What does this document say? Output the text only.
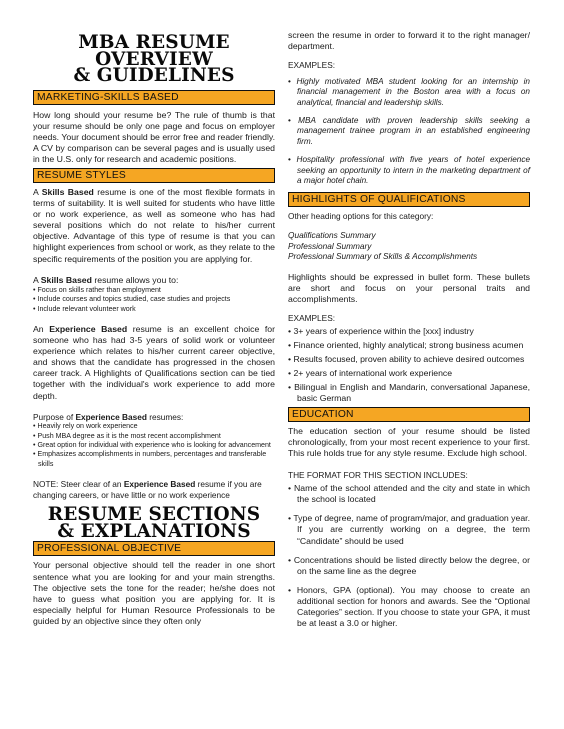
MBA RESUME OVERVIEW
& GUIDELINES
MARKETING-SKILLS BASED

How long should your resume be? The rule of thumb is that your resume should be only one page and focus on employer needs. Your document should be error free and reader friendly. A CV by comparison can be several pages and is usually used in the U.S. only for research and academic positions.

RESUME STYLES

A Skills Based resume is one of the most flexible formats in terms of suitability. It is well suited for students who have little or no work experience, as well as someone who has had several positions which do not relate to his/her current objective. Advantage of this type of resume is that you can highlight experiences from school or work, as they relate to the specific requirements of the position you are applying for.

A Skills Based resume allows you to:

• Focus on skills rather than employment
• Include courses and topics studied, case studies and projects
• Include relevant volunteer work

An Experience Based resume is an excellent choice for someone who has had 3-5 years of solid work or volunteer experience which relates to his/her current career objective, and shows that the candidate has progressed in the chosen career track. A Highlights of Qualifications section can be tied together with the individual's work experience to add more depth.

Purpose of Experience Based resumes:

• Heavily rely on work experience
• Push MBA degree as it is the most recent accomplishment
• Great option for individual with experience who is looking for advancement
• Emphasizes accomplishments in numbers, percentages and transferable skills

NOTE: Steer clear of an Experience Based resume if you are changing careers, or have little or no work experience

RESUME SECTIONS
& EXPLANATIONS
PROFESSIONAL OBJECTIVE

Your personal objective should tell the reader in one short sentence what you are looking for and your main strengths. The objective sets the tone for the reader; he/she does not have to guess what position you are applying for. It is especially helpful for Human Resource Professionals to be guided by an objective since they often only

screen the resume in order to forward it to the right manager/ department.

EXAMPLES:

• Highly motivated MBA student looking for an internship in financial management in the Boston area with a focus on analytical, financial and leadership skills.
• MBA candidate with proven leadership skills seeking a management trainee program in an established engineering firm.
• Hospitality professional with five years of hotel experience seeking an opportunity to intern in the marketing department of a major hotel chain.
HIGHLIGHTS OF QUALIFICATIONS

Other heading options for this category:

Qualifications Summary

Professional Summary

Professional Summary of Skills & Accomplishments

Highlights should be expressed in bullet form. These bullets are short and focus on your personal traits and accomplishments.

EXAMPLES:

• 3+ years of experience within the [xxx] industry
• Finance oriented, highly analytical; strong business acumen
• Results focused, proven ability to achieve desired outcomes
• 2+ years of international work experience
• Bilingual in English and Mandarin, conversational Japanese, basic German
EDUCATION

The education section of your resume should be listed chronologically, from your most recent experience to your first. This rule holds true for any style resume. Exclude high school.

THE FORMAT FOR THIS SECTION INCLUDES:

• Name of the school attended and the city and state in which the school is located
• Type of degree, name of program/major, and graduation year. If you are currently working on a degree, the term “Candidate” should be used
• Concentrations should be listed directly below the degree, or on the same line as the degree
• Honors, GPA (optional). You may choose to create an additional section for honors and awards. See the “Optional Categories” section. If you choose to state your GPA, it must be at least a 3.0 or higher.
